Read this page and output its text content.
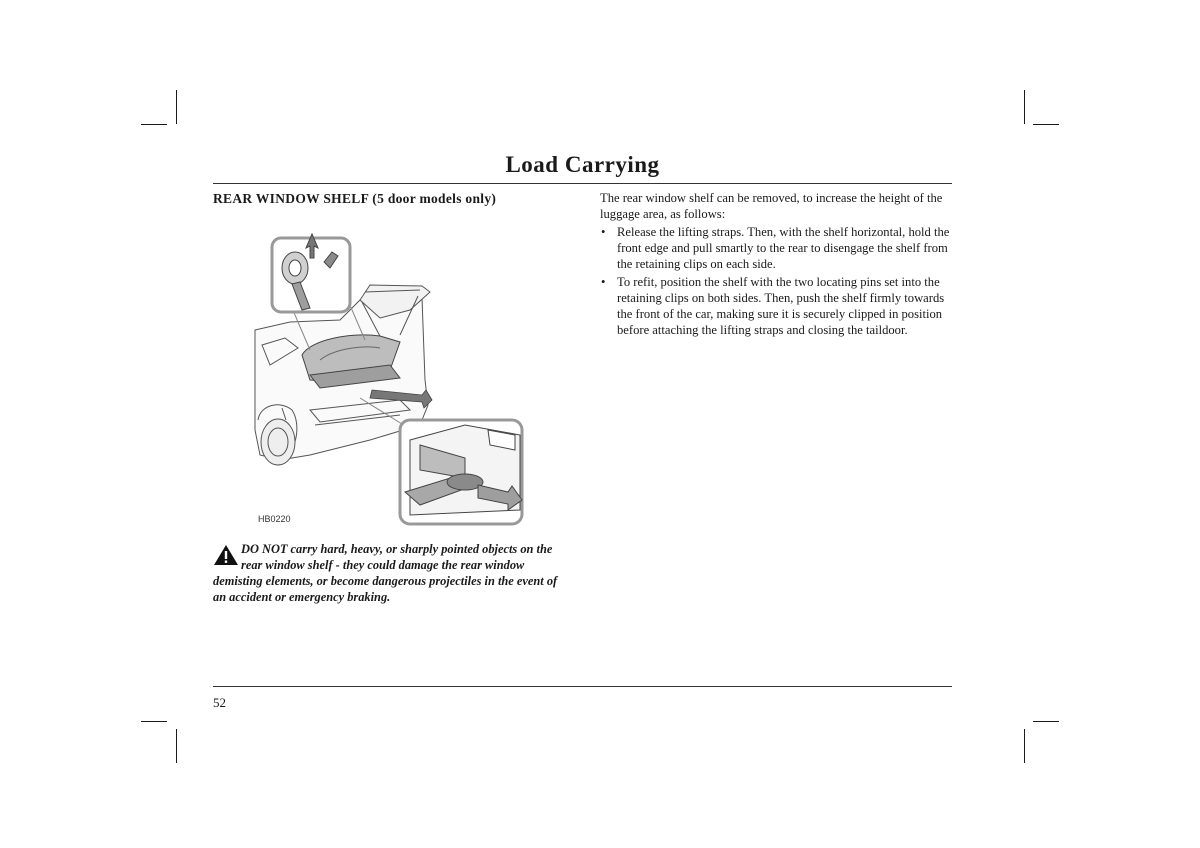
Load Carrying
REAR WINDOW SHELF (5 door models only)
HB0220
DO NOT carry hard, heavy, or sharply pointed objects on the rear window shelf - they could damage the rear window demisting elements, or become dangerous projectiles in the event of an accident or emergency braking.

The rear window shelf can be removed, to increase the height of the luggage area, as follows:

• Release the lifting straps. Then, with the shelf horizontal, hold the front edge and pull smartly to the rear to disengage the shelf from the retaining clips on each side.
• To refit, position the shelf with the two locating pins set into the retaining clips on both sides. Then, push the shelf firmly towards the front of the car, making sure it is securely clipped in position before attaching the lifting straps and closing the taildoor.
52
